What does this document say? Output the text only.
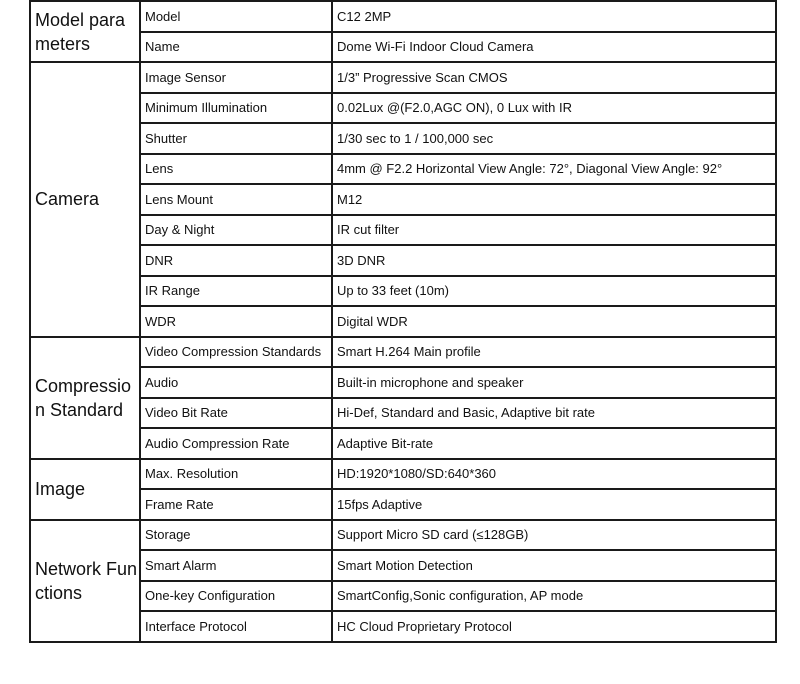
Model parameters	Model	C12 2MP
	Name	Dome Wi-Fi Indoor Cloud Camera
Camera	Image Sensor	1/3” Progressive Scan CMOS
	Minimum Illumination	0.02Lux @(F2.0,AGC ON), 0 Lux with IR
	Shutter	1/30 sec to 1 / 100,000 sec
	Lens	4mm @ F2.2 Horizontal View Angle: 72°, Diagonal View Angle: 92°
	Lens Mount	M12
	Day & Night	IR cut filter
	DNR	3D DNR
	IR Range	Up to 33 feet (10m)
	WDR	Digital WDR
Compression Standard	Video Compression Standards	Smart H.264 Main profile
	Audio	Built-in microphone and speaker
	Video Bit Rate	Hi-Def, Standard and Basic, Adaptive bit rate
	Audio Compression Rate	Adaptive Bit-rate
Image	Max. Resolution	HD:1920*1080/SD:640*360
	Frame Rate	15fps Adaptive
Network Functions	Storage	Support Micro SD card (≤128GB)
	Smart Alarm	Smart Motion Detection
	One-key Configuration	SmartConfig,Sonic configuration, AP mode
	Interface Protocol	HC Cloud Proprietary Protocol
